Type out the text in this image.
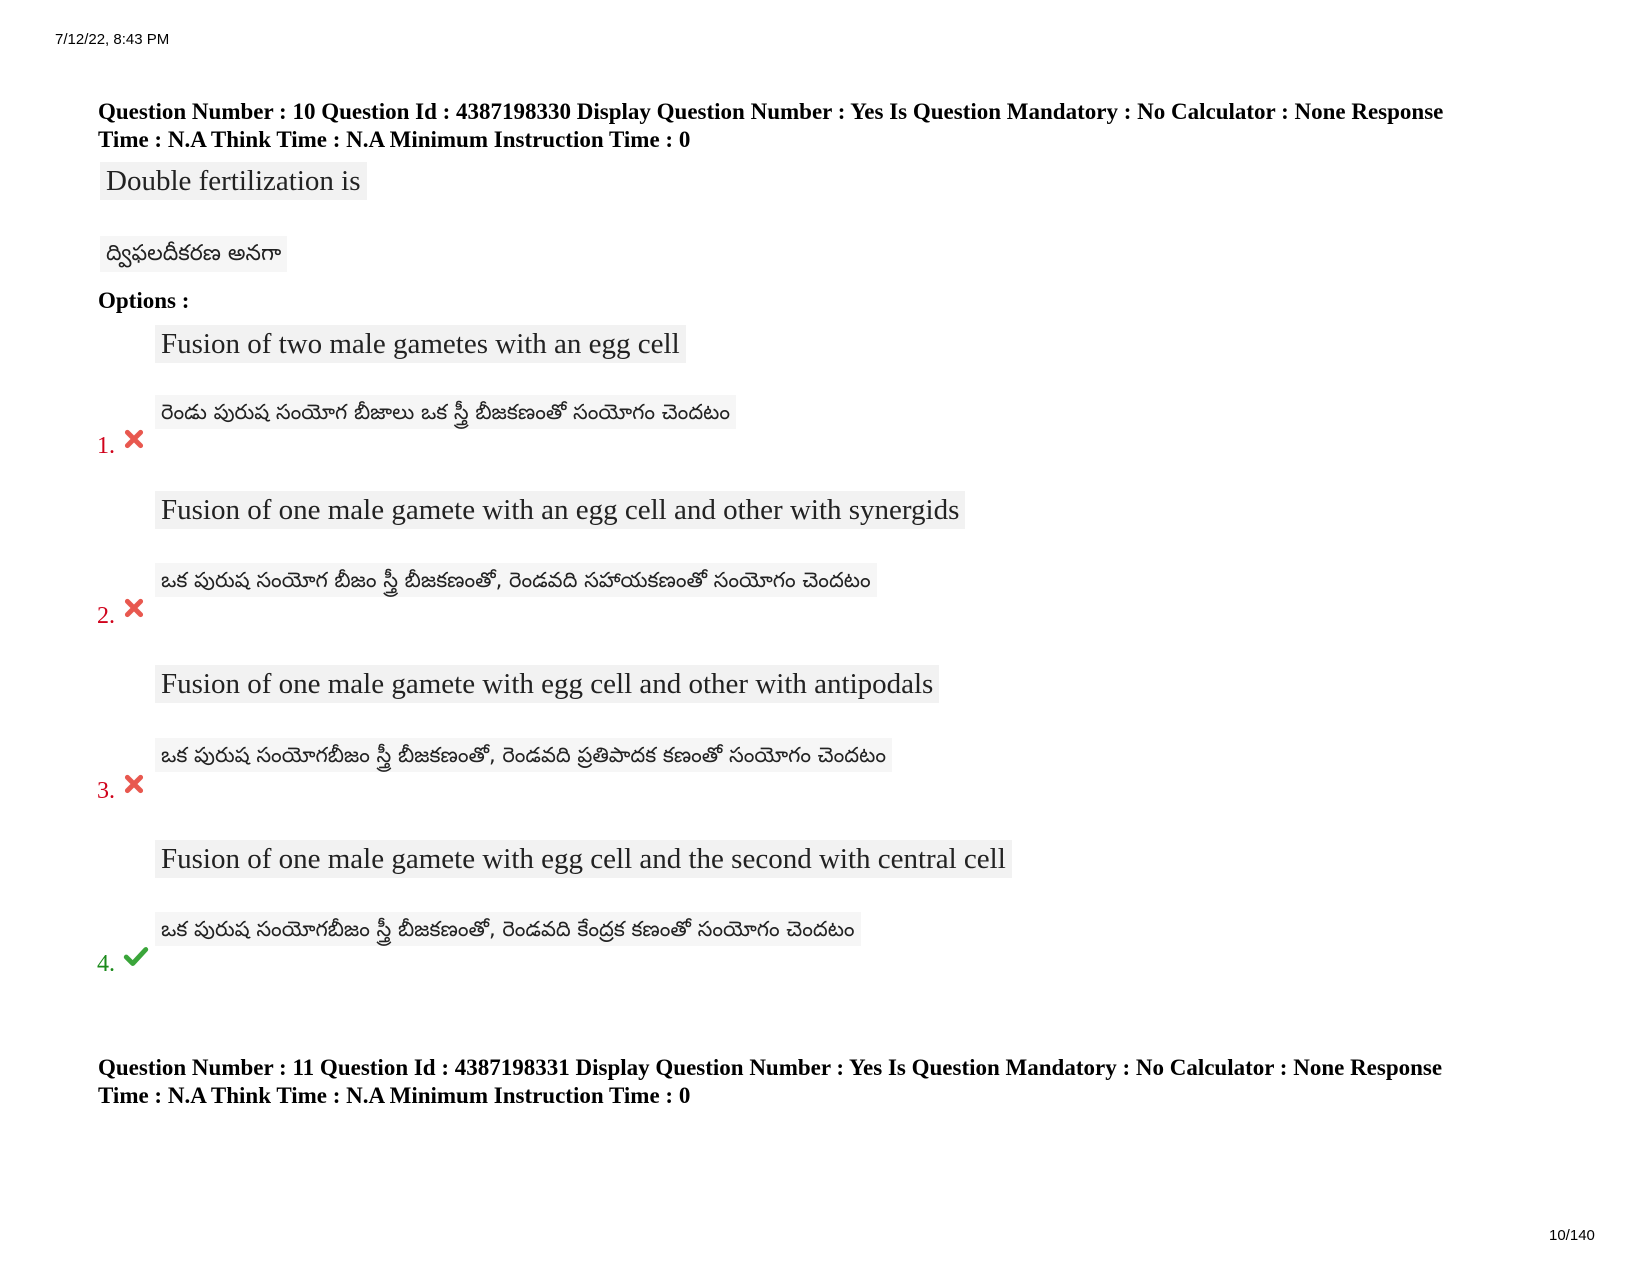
7/12/22, 8:43 PM
Question Number : 10 Question Id : 4387198330 Display Question Number : Yes Is Question Mandatory : No Calculator : None Response
Time : N.A Think Time : N.A Minimum Instruction Time : 0
Double fertilization is
ద్విఫలదీకరణ అనగా
Options :
Fusion of two male gametes with an egg cell
రెండు పురుష సంయోగ బీజాలు ఒక స్త్రీ బీజకణంతో సంయోగం చెందటం
1.
Fusion of one male gamete with an egg cell and other with synergids
ఒక పురుష సంయోగ బీజం స్త్రీ బీజకణంతో, రెండవది సహాయకణంతో సంయోగం చెందటం
2.
Fusion of one male gamete with egg cell and other with antipodals
ఒక పురుష సంయోగబీజం స్త్రీ బీజకణంతో, రెండవది ప్రతిపాదక కణంతో సంయోగం చెందటం
3.
Fusion of one male gamete with egg cell and the second with central cell
ఒక పురుష సంయోగబీజం స్త్రీ బీజకణంతో, రెండవది కేంద్రక కణంతో సంయోగం చెందటం
4.
Question Number : 11 Question Id : 4387198331 Display Question Number : Yes Is Question Mandatory : No Calculator : None Response
Time : N.A Think Time : N.A Minimum Instruction Time : 0
10/140
